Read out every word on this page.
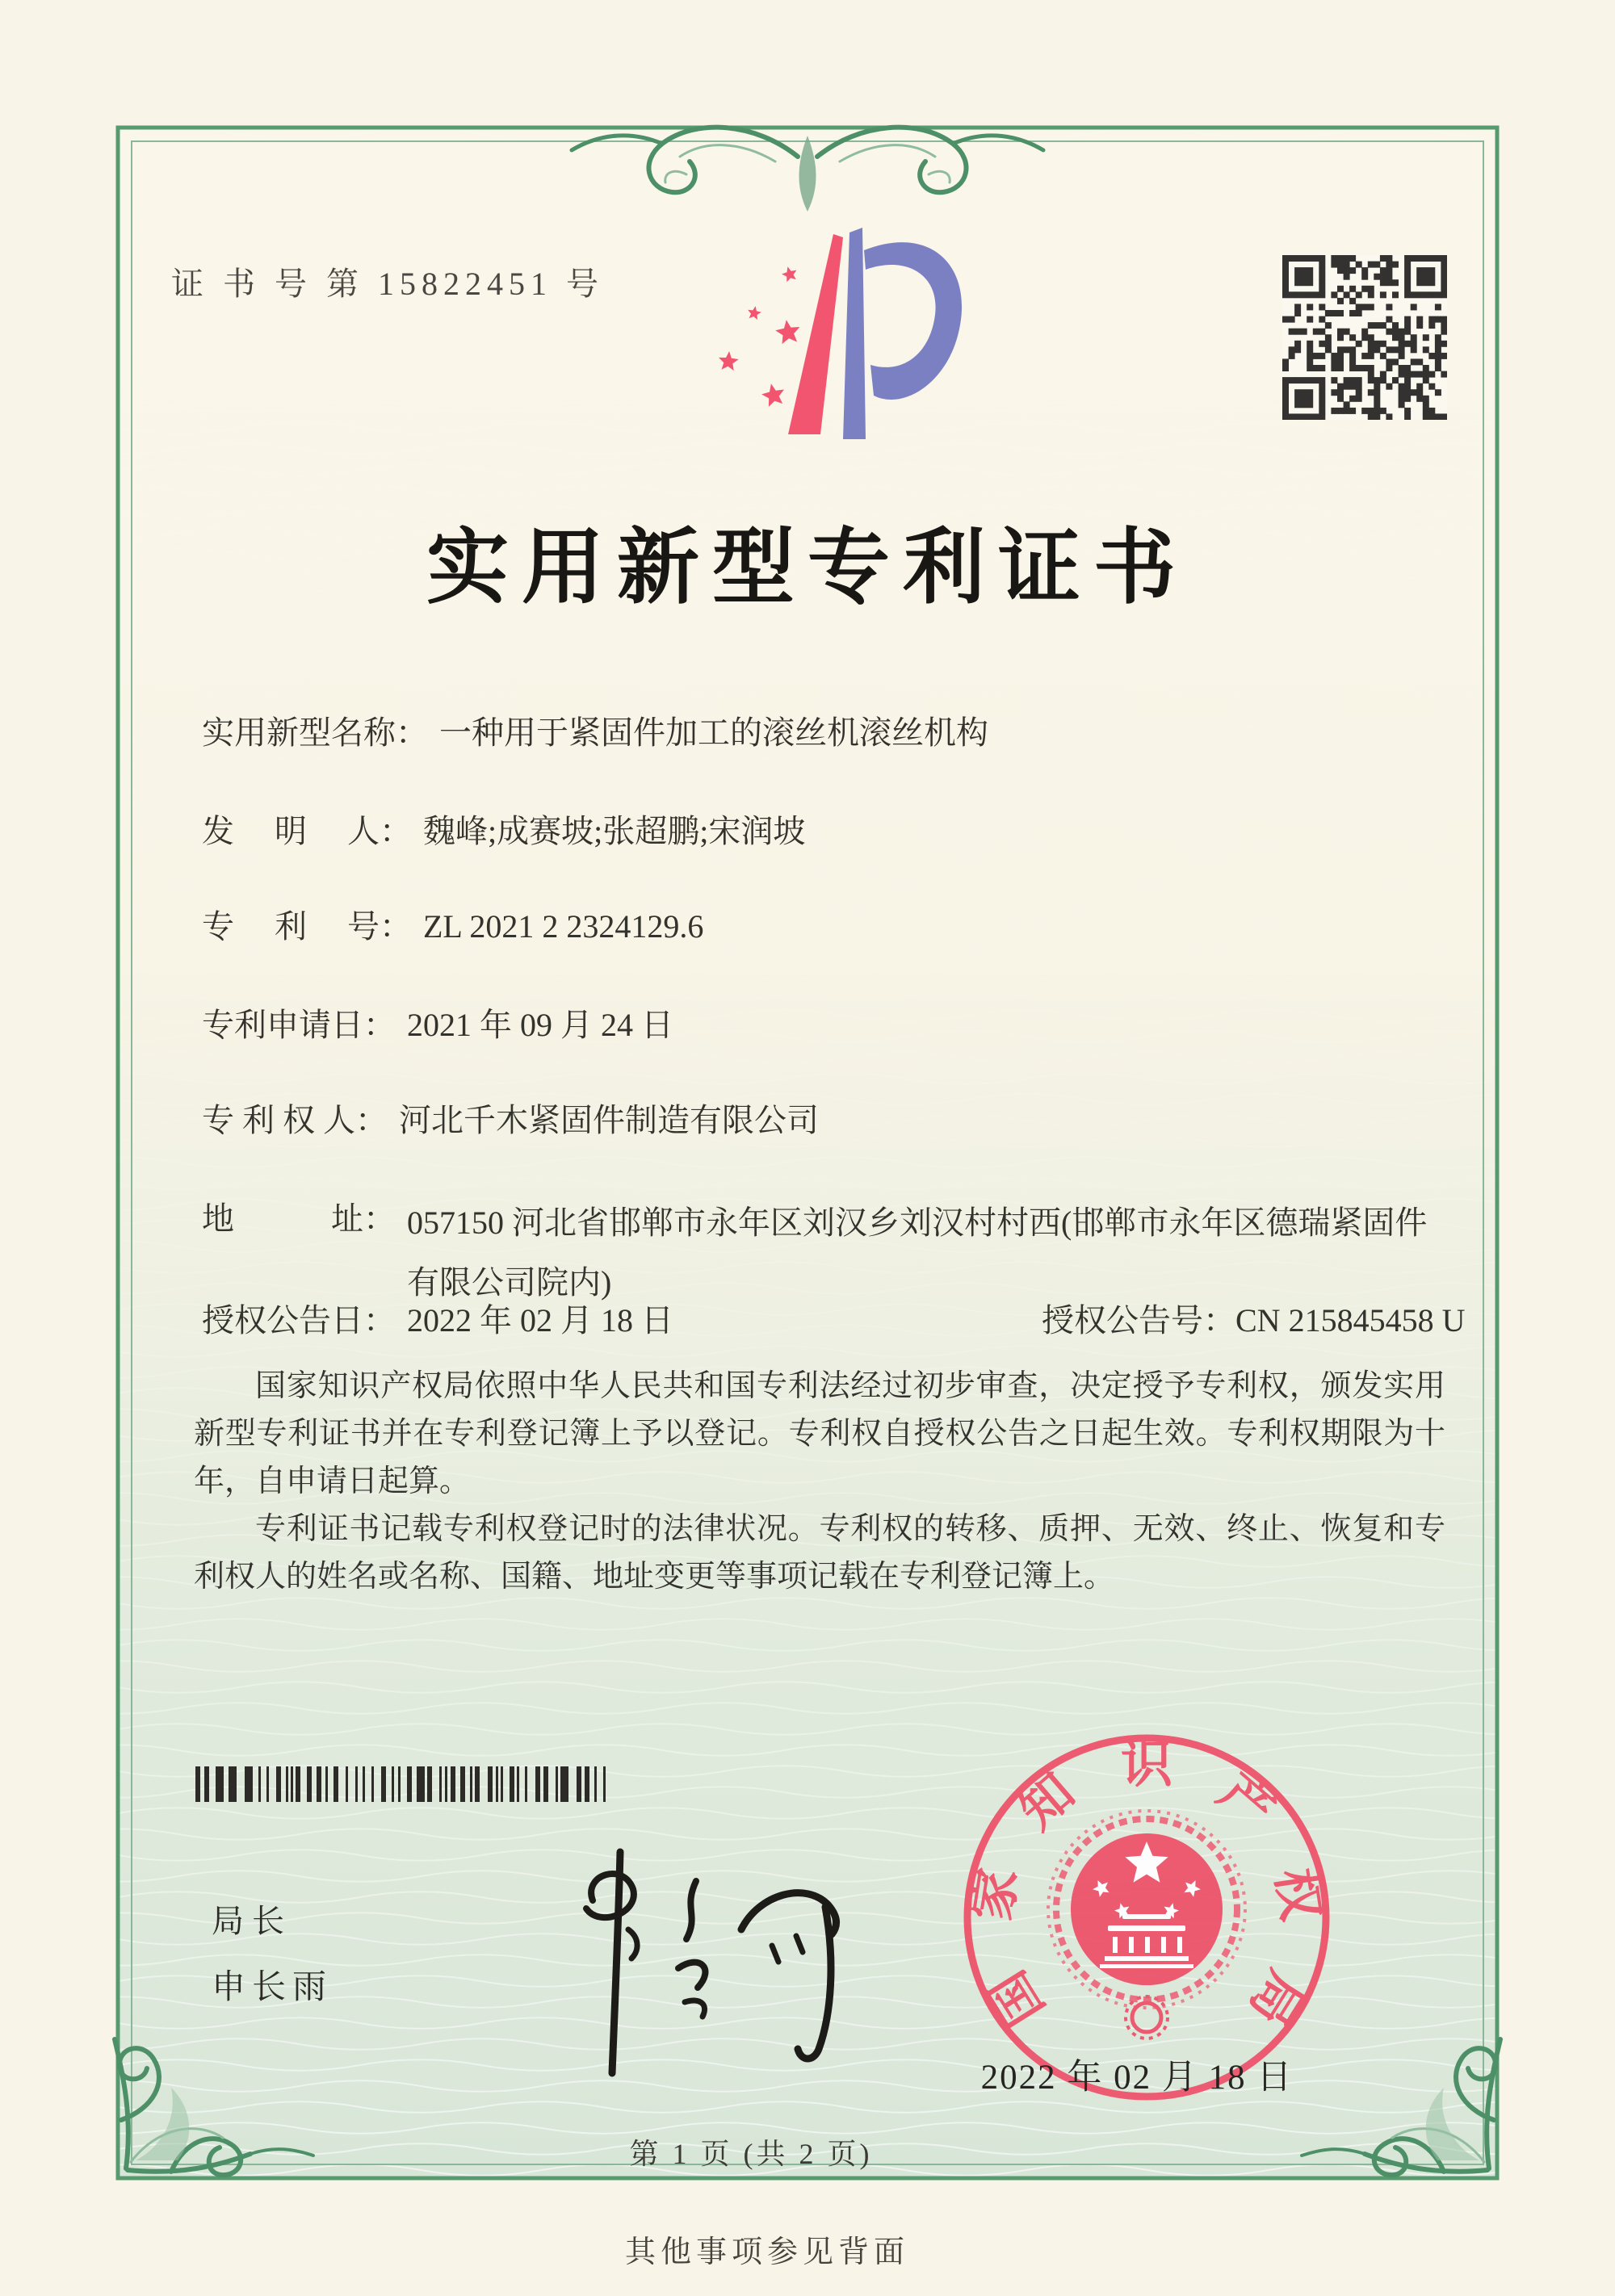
证 书 号 第 15822451 号
实用新型专利证书
实用新型名称： 一种用于紧固件加工的滚丝机滚丝机构
发　 明　 人： 魏峰;成赛坡;张超鹏;宋润坡
专　 利　 号： ZL 2021 2 2324129.6
专利申请日： 2021 年 09 月 24 日
专 利 权 人： 河北千木紧固件制造有限公司
地　　　址： 057150 河北省邯郸市永年区刘汉乡刘汉村村西(邯郸市永年区德瑞紧固件有限公司院内)
授权公告日： 2022 年 02 月 18 日	授权公告号：CN 215845458 U

国家知识产权局依照中华人民共和国专利法经过初步审查，决定授予专利权，颁发实用新型专利证书并在专利登记簿上予以登记。专利权自授权公告之日起生效。专利权期限为十年，自申请日起算。

专利证书记载专利权登记时的法律状况。专利权的转移、质押、无效、终止、恢复和专利权人的姓名或名称、国籍、地址变更等事项记载在专利登记簿上。

局长
申长雨	国
家
知 识 产
权
局
2022 年 02 月 18 日
第 1 页 (共 2 页)
其他事项参见背面
